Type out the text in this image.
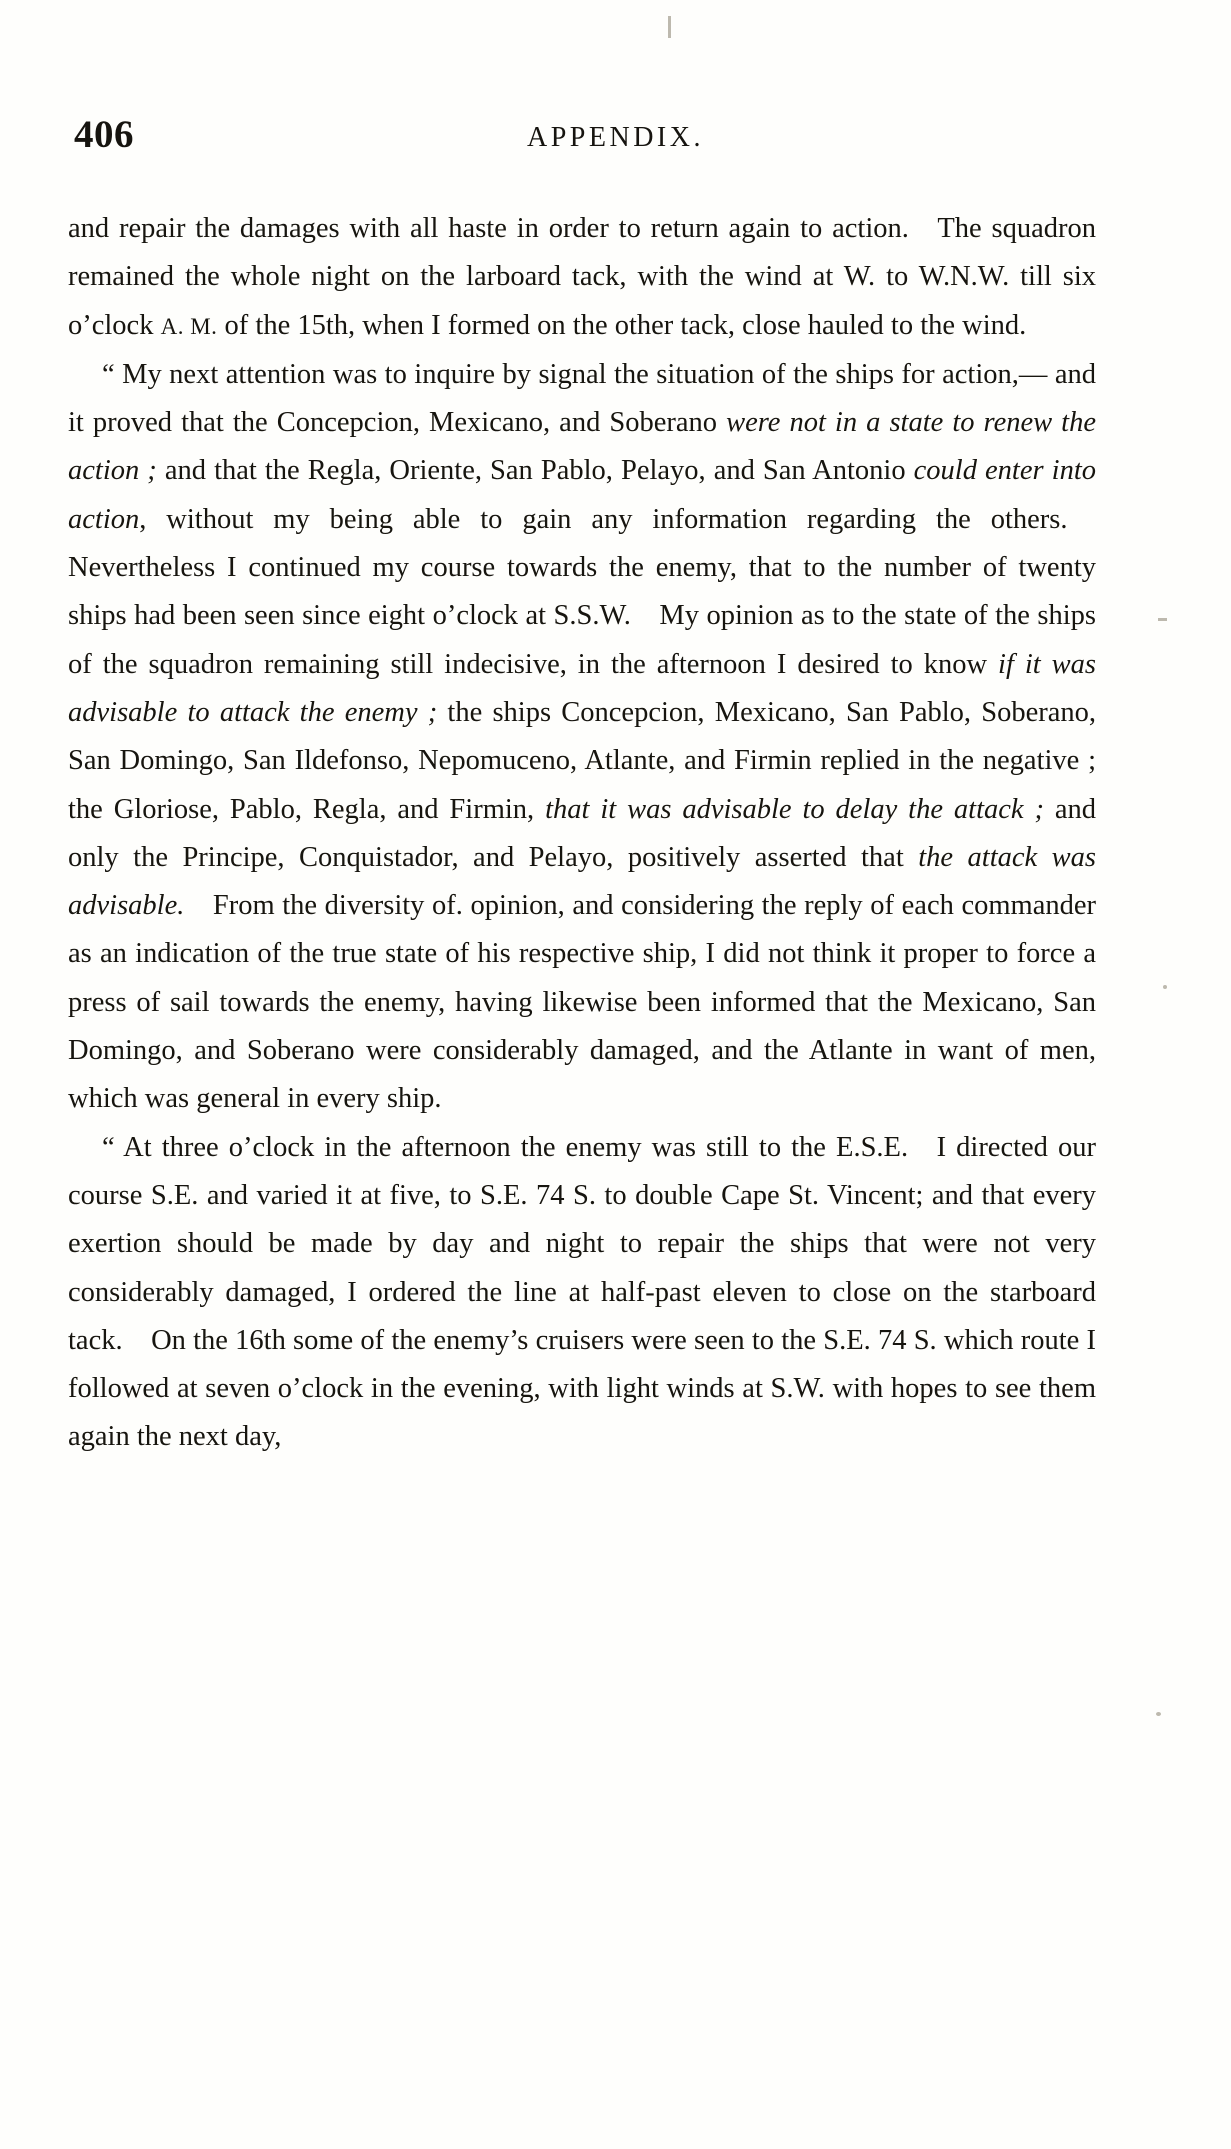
406	APPENDIX.

and repair the damages with all haste in order to return again to action. The squadron remained the whole night on the larboard tack, with the wind at W. to W.N.W. till six o’clock A. M. of the 15th, when I formed on the other tack, close hauled to the wind.

“ My next attention was to inquire by signal the situation of the ships for action,— and it proved that the Concepcion, Mexicano, and Soberano were not in a state to renew the action ; and that the Regla, Oriente, San Pablo, Pelayo, and San Antonio could enter into action, without my being able to gain any information regarding the others. Nevertheless I continued my course towards the enemy, that to the number of twenty ships had been seen since eight o’clock at S.S.W. My opinion as to the state of the ships of the squadron remaining still indecisive, in the afternoon I desired to know if it was advisable to attack the enemy ; the ships Concepcion, Mexicano, San Pablo, Soberano, San Domingo, San Ildefonso, Nepomuceno, Atlante, and Firmin replied in the negative ; the Gloriose, Pablo, Regla, and Firmin, that it was advisable to delay the attack ; and only the Principe, Conquistador, and Pelayo, positively asserted that the attack was advisable. From the diversity of. opinion, and considering the reply of each commander as an indication of the true state of his respective ship, I did not think it proper to force a press of sail towards the enemy, having likewise been informed that the Mexicano, San Domingo, and Soberano were considerably damaged, and the Atlante in want of men, which was general in every ship.

“ At three o’clock in the afternoon the enemy was still to the E.S.E. I directed our course S.E. and varied it at five, to S.E. 74 S. to double Cape St. Vincent; and that every exertion should be made by day and night to repair the ships that were not very considerably damaged, I ordered the line at half-past eleven to close on the starboard tack. On the 16th some of the enemy’s cruisers were seen to the S.E. 74 S. which route I followed at seven o’clock in the evening, with light winds at S.W. with hopes to see them again the next day,
